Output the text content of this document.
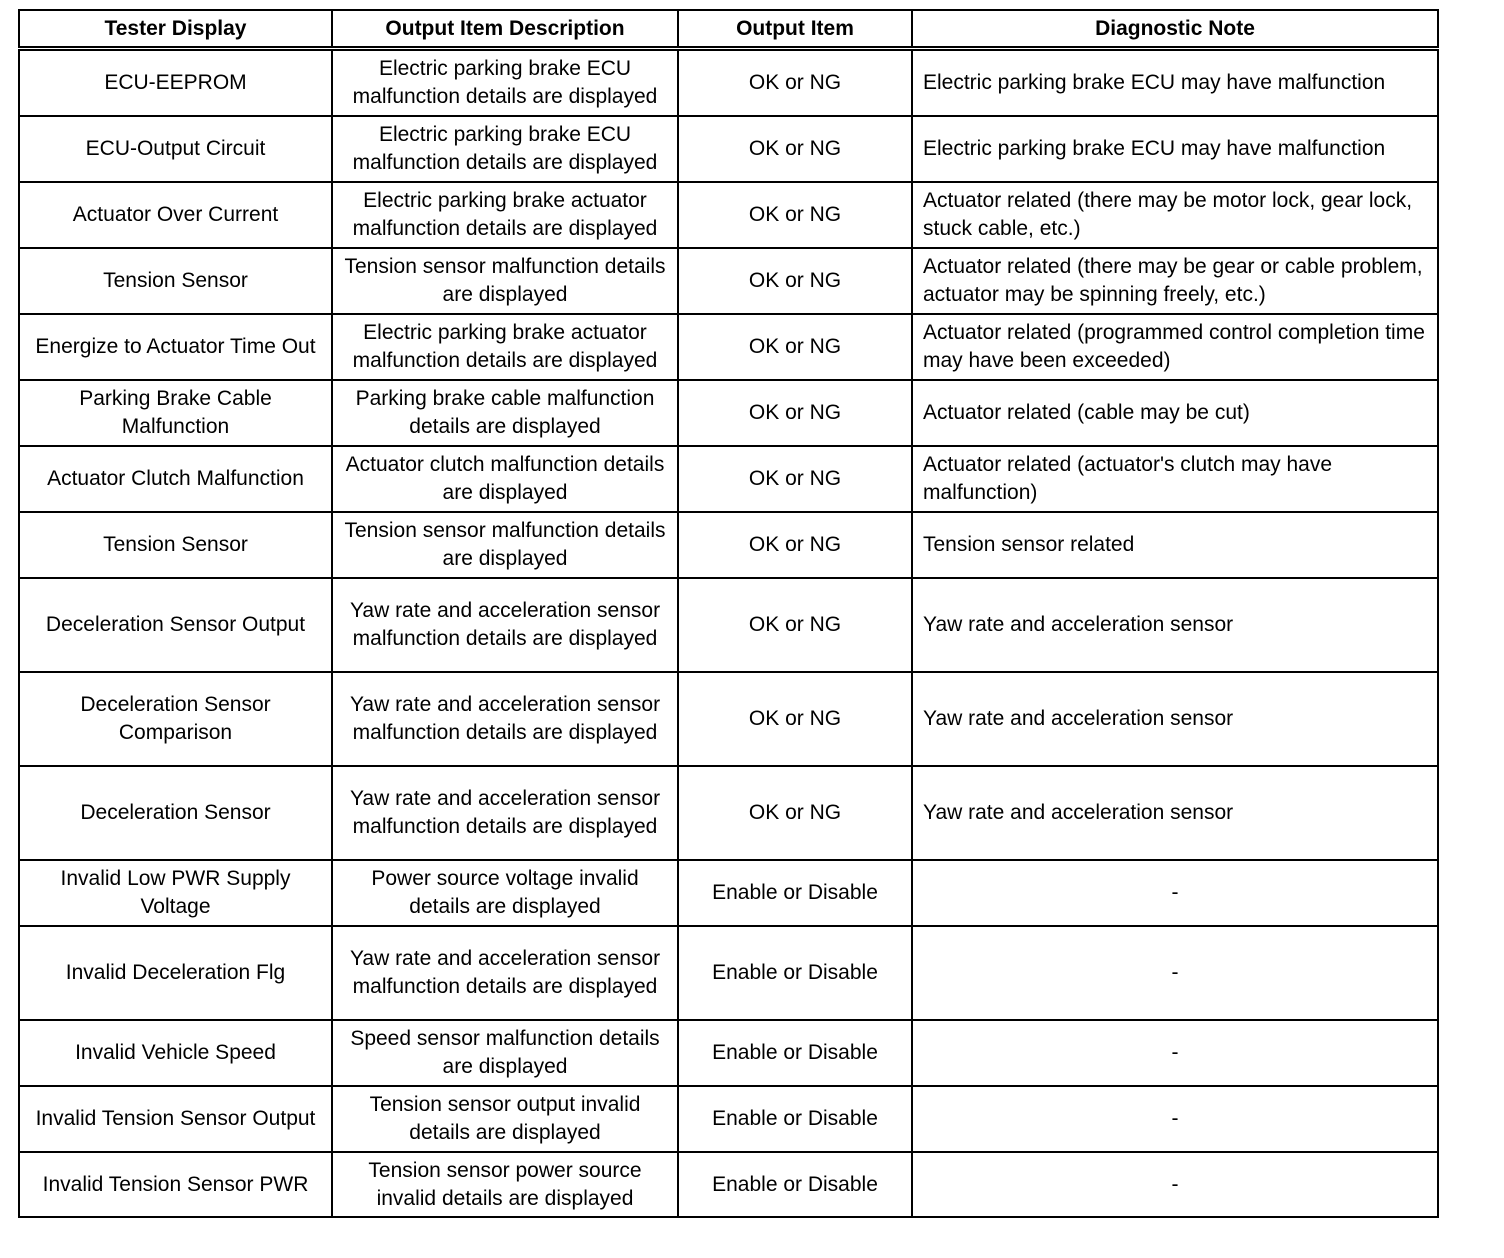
Tester Display	Output Item Description	Output Item	Diagnostic Note
ECU-EEPROM	Electric parking brake ECU malfunction details are displayed	OK or NG	Electric parking brake ECU may have malfunction
ECU-Output Circuit	Electric parking brake ECU malfunction details are displayed	OK or NG	Electric parking brake ECU may have malfunction
Actuator Over Current	Electric parking brake actuator malfunction details are displayed	OK or NG	Actuator related (there may be motor lock, gear lock, stuck cable, etc.)
Tension Sensor	Tension sensor malfunction details are displayed	OK or NG	Actuator related (there may be gear or cable problem, actuator may be spinning freely, etc.)
Energize to Actuator Time Out	Electric parking brake actuator malfunction details are displayed	OK or NG	Actuator related (programmed control completion time may have been exceeded)
Parking Brake Cable Malfunction	Parking brake cable malfunction details are displayed	OK or NG	Actuator related (cable may be cut)
Actuator Clutch Malfunction	Actuator clutch malfunction details are displayed	OK or NG	Actuator related (actuator's clutch may have malfunction)
Tension Sensor	Tension sensor malfunction details are displayed	OK or NG	Tension sensor related
Deceleration Sensor Output	Yaw rate and acceleration sensor malfunction details are displayed	OK or NG	Yaw rate and acceleration sensor
Deceleration Sensor Comparison	Yaw rate and acceleration sensor malfunction details are displayed	OK or NG	Yaw rate and acceleration sensor
Deceleration Sensor	Yaw rate and acceleration sensor malfunction details are displayed	OK or NG	Yaw rate and acceleration sensor
Invalid Low PWR Supply Voltage	Power source voltage invalid details are displayed	Enable or Disable	-
Invalid Deceleration Flg	Yaw rate and acceleration sensor malfunction details are displayed	Enable or Disable	-
Invalid Vehicle Speed	Speed sensor malfunction details are displayed	Enable or Disable	-
Invalid Tension Sensor Output	Tension sensor output invalid details are displayed	Enable or Disable	-
Invalid Tension Sensor PWR	Tension sensor power source invalid details are displayed	Enable or Disable	-
